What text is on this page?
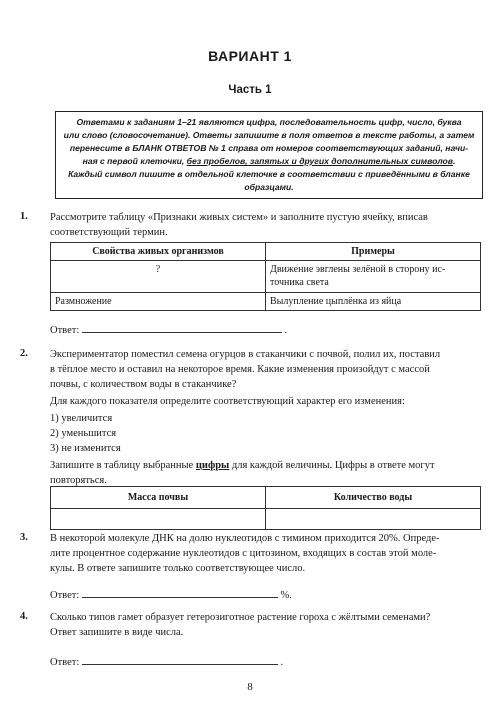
ВАРИАНТ 1
Часть 1
Ответами к заданиям 1–21 являются цифра, последовательность цифр, число, буква
или слово (словосочетание). Ответы запишите в поля ответов в тексте работы, а затем
перенесите в БЛАНК ОТВЕТОВ № 1 справа от номеров соответствующих заданий, начи-
ная с первой клеточки, без пробелов, запятых и других дополнительных символов.
Каждый символ пишите в отдельной клеточке в соответствии с приведёнными в бланке
образцами.
1. Рассмотрите таблицу «Признаки живых систем» и заполните пустую ячейку, вписав
соответствующий термин.
Свойства живых организмов	Примеры
?	Движение эвглены зелёной в сторону ис-
точника света

Размножение	Вылупление цыплёнка из яйца
Ответ:	.
2. Экспериментатор поместил семена огурцов в стаканчики с почвой, полил их, поставил
в тёплое место и оставил на некоторое время. Какие изменения произойдут с массой
почвы, с количеством воды в стаканчике?
Для каждого показателя определите соответствующий характер его изменения:
1) увеличится
2) уменьшится
3) не изменится
Запишите в таблицу выбранные цифры для каждой величины. Цифры в ответе могут
повторяться.
Масса почвы	Количество воды

3. В некоторой молекуле ДНК на долю нуклеотидов с тимином приходится 20%. Опреде-
лите процентное содержание нуклеотидов с цитозином, входящих в состав этой моле-
кулы. В ответе запишите только соответствующее число.
Ответ:	%.
4. Сколько типов гамет образует гетерозиготное растение гороха с жёлтыми семенами?
Ответ запишите в виде числа.
Ответ:	.
8
